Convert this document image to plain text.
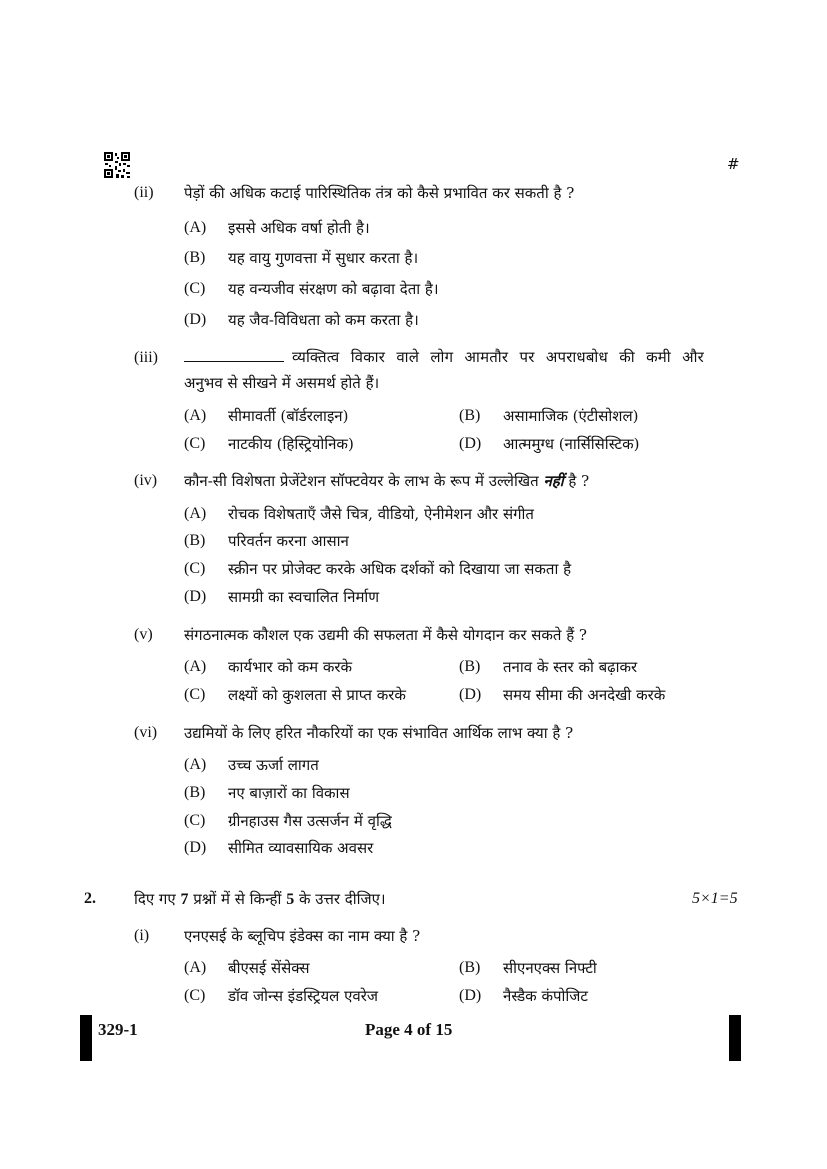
#
(ii) पेड़ों की अधिक कटाई पारिस्थितिक तंत्र को कैसे प्रभावित कर सकती है ?
(A) इससे अधिक वर्षा होती है।
(B) यह वायु गुणवत्ता में सुधार करता है।
(C) यह वन्यजीव संरक्षण को बढ़ावा देता है।
(D) यह जैव-विविधता को कम करता है।
(iii)	व्यक्तित्व विकार वाले लोग आमतौर पर अपराधबोध की कमी और
अनुभव से सीखने में असमर्थ होते हैं।
(A) सीमावर्ती (बॉर्डरलाइन)	(B) असामाजिक (एंटीसोशल)
(C) नाटकीय (हिस्ट्रियोनिक)	(D) आत्ममुग्ध (नार्सिसिस्टिक)
(iv) कौन-सी विशेषता प्रेजेंटेशन सॉफ्टवेयर के लाभ के रूप में उल्लेखित नहीं है ?
(A) रोचक विशेषताएँ जैसे चित्र, वीडियो, ऐनीमेशन और संगीत
(B) परिवर्तन करना आसान
(C) स्क्रीन पर प्रोजेक्ट करके अधिक दर्शकों को दिखाया जा सकता है
(D) सामग्री का स्वचालित निर्माण
(v) संगठनात्मक कौशल एक उद्यमी की सफलता में कैसे योगदान कर सकते हैं ?
(A) कार्यभार को कम करके	(B) तनाव के स्तर को बढ़ाकर
(C) लक्ष्यों को कुशलता से प्राप्त करके	(D) समय सीमा की अनदेखी करके
(vi) उद्यमियों के लिए हरित नौकरियों का एक संभावित आर्थिक लाभ क्या है ?
(A) उच्च ऊर्जा लागत
(B) नए बाज़ारों का विकास
(C) ग्रीनहाउस गैस उत्सर्जन में वृद्धि
(D) सीमित व्यावसायिक अवसर
2.	दिए गए 7 प्रश्नों में से किन्हीं 5 के उत्तर दीजिए।	5×1=5
(i) एनएसई के ब्लूचिप इंडेक्स का नाम क्या है ?
(A) बीएसई सेंसेक्स	(B) सीएनएक्स निफ्टी
(C) डॉव जोन्स इंडस्ट्रियल एवरेज	(D) नैस्डैक कंपोजिट
329-1	Page 4 of 15
